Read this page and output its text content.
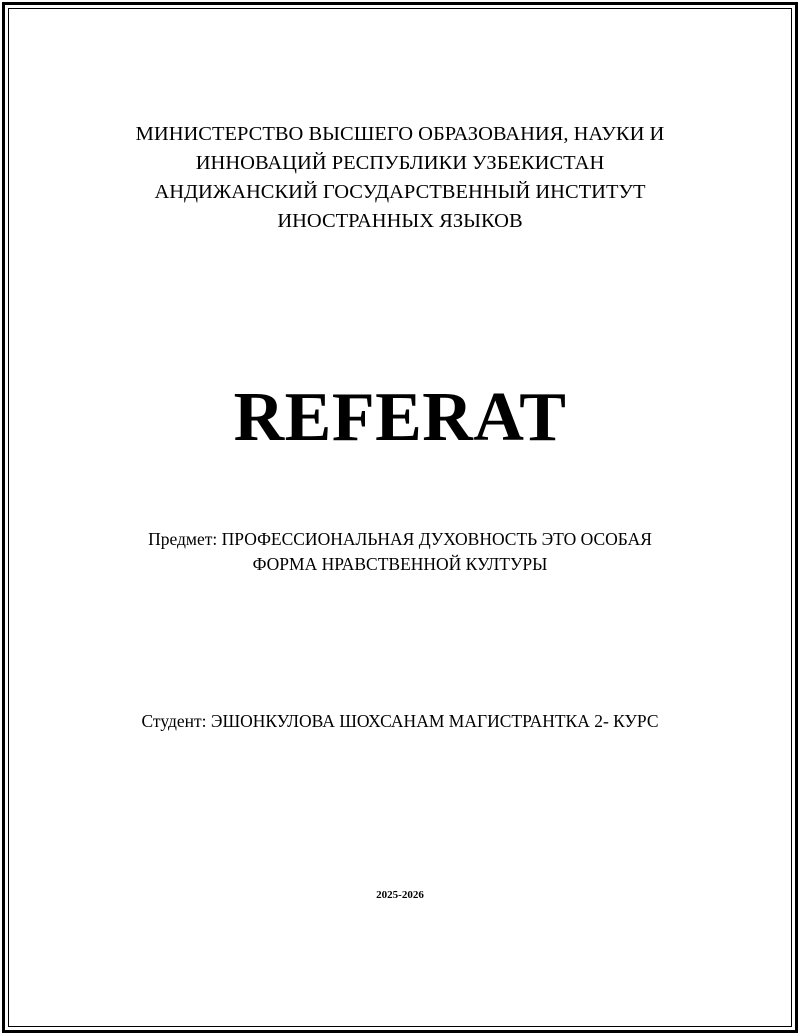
МИНИСТЕРСТВО ВЫСШЕГО ОБРАЗОВАНИЯ, НАУКИ И
ИННОВАЦИЙ РЕСПУБЛИКИ УЗБЕКИСТАН
АНДИЖАНСКИЙ ГОСУДАРСТВЕННЫЙ ИНСТИТУТ
ИНОСТРАННЫХ ЯЗЫКОВ
REFERAT
Предмет: ПРОФЕССИОНАЛЬНАЯ ДУХОВНОСТЬ ЭТО ОСОБАЯ
ФОРМА НРАВСТВЕННОЙ КУЛТУРЫ
Студент: ЭШОНКУЛОВА ШОХСАНАМ МАГИСТРАНТКА 2- КУРС
2025-2026
